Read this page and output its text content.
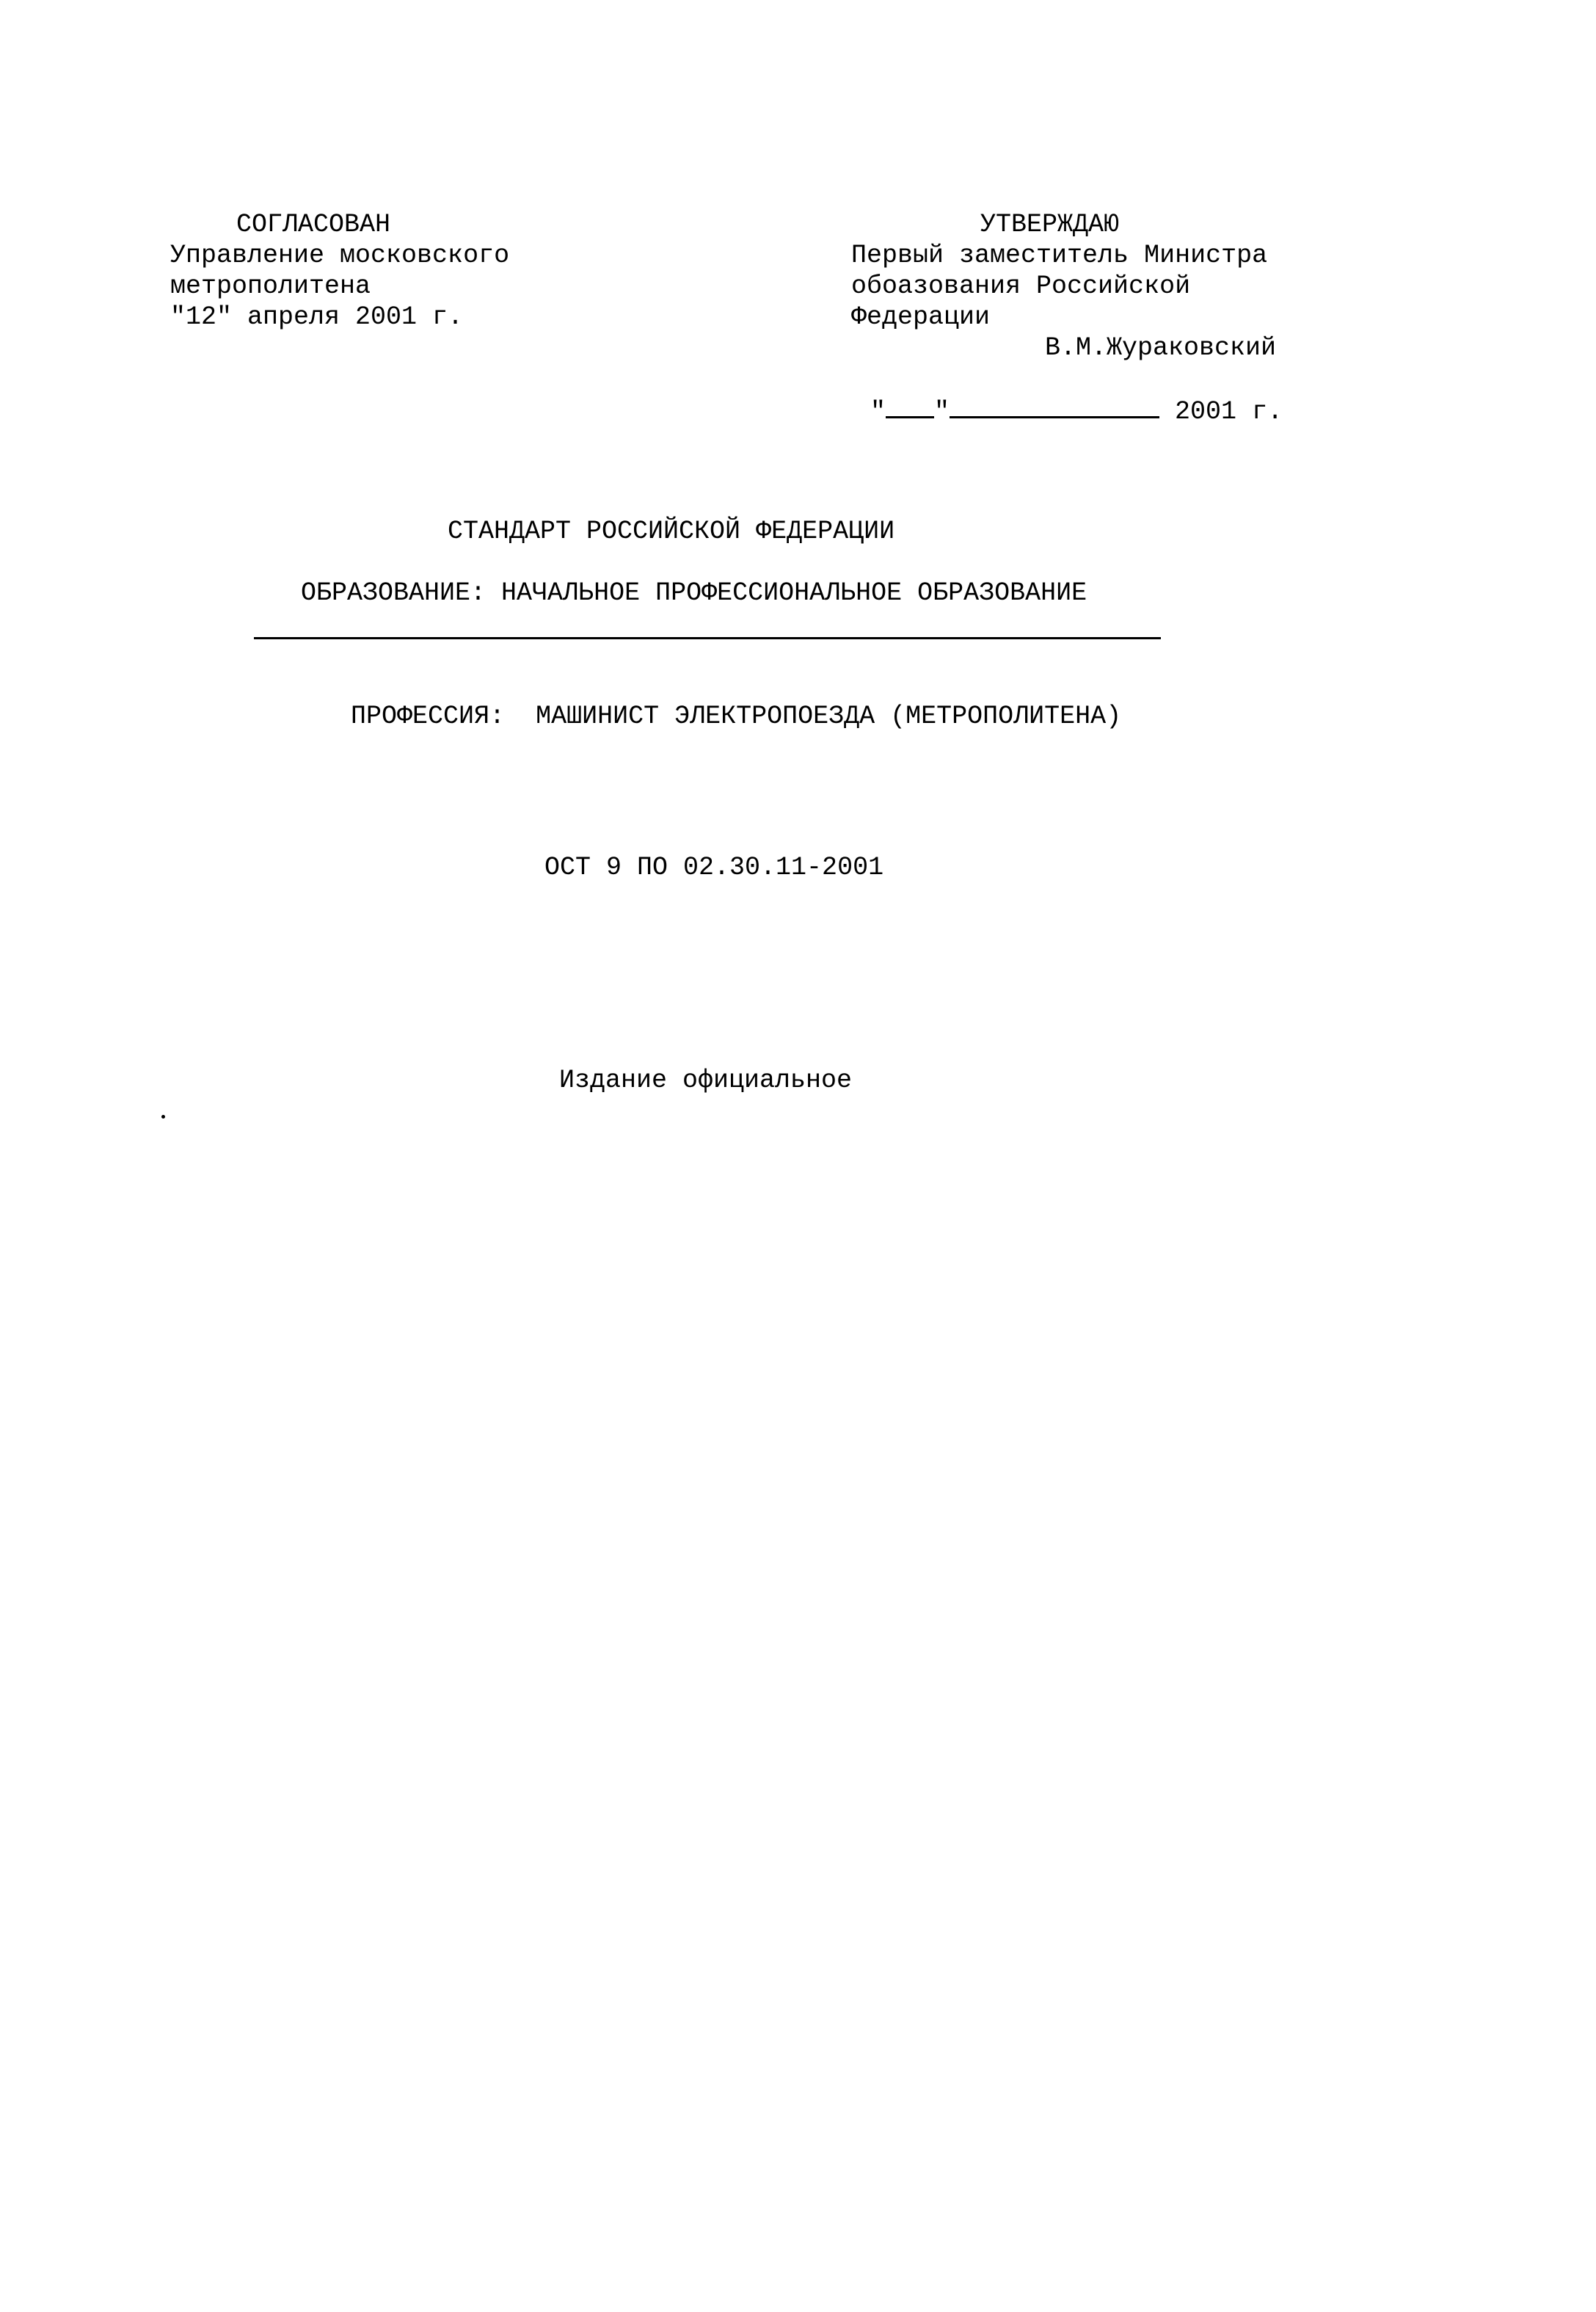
СОГЛАСОВАН

Управление московского

метрополитена

"12" апреля 2001 г.

УТВЕРЖДАЮ

Первый заместитель Министра

обоазования Российской

Федерации

В.М.Жураковский

" "	2001 г.

СТАНДАРТ РОССИЙСКОЙ ФЕДЕРАЦИИ

ОБРАЗОВАНИЕ: НАЧАЛЬНОЕ ПРОФЕССИОНАЛЬНОЕ ОБРАЗОВАНИЕ

ПРОФЕССИЯ: МАШИНИСТ ЭЛЕКТРОПОЕЗДА (МЕТРОПОЛИТЕНА)

ОСТ 9 ПО 02.30.11-2001

Издание официальное
